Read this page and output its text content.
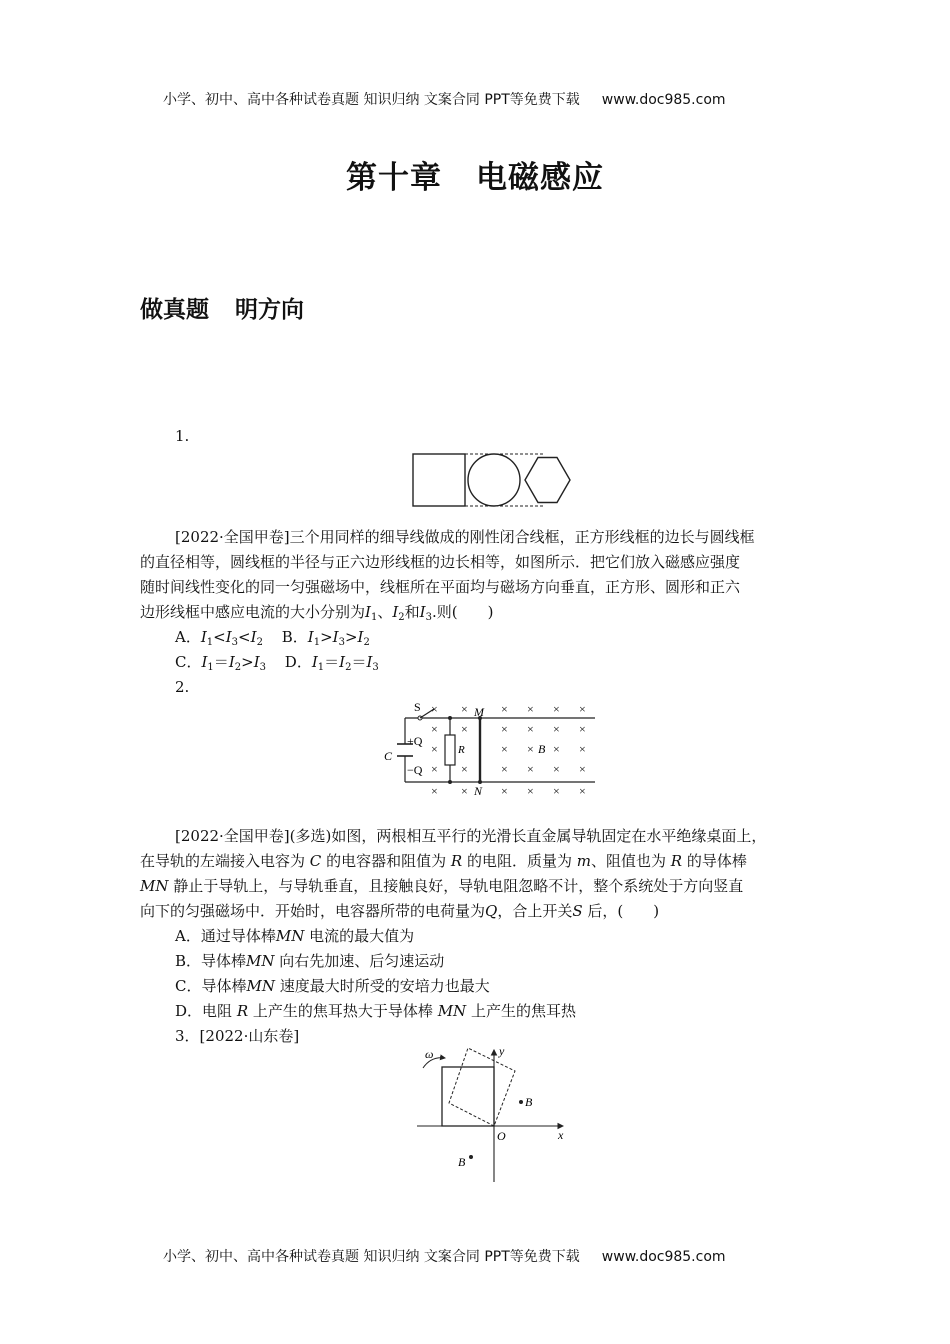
小学、初中、高中各种试卷真题 知识归纳 文案合同 PPT等免费下载 www.doc985.com
第十章 电磁感应
做真题 明方向
1.
[2022·全国甲卷]三个用同样的细导线做成的刚性闭合线框，正方形线框的边长与圆线框
的直径相等，圆线框的半径与正六边形线框的边长相等，如图所示．把它们放入磁感应强度
随时间线性变化的同一匀强磁场中，线框所在平面均与磁场方向垂直，正方形、圆形和正六
边形线框中感应电流的大小分别为$I_1$、$I_2$和$I_3$.则(　　)
A．$I_1<I_3<I_2$ B．$I_1>I_3>I_2$
C．$I_1=I_2>I_3$ D．$I_1=I_2=I_3$
2.
S
+Q
−Q
C	R
M
N
B
× ×	× × × ×
× ×	× × × ×
×	× × × ×
× ×	× × × ×
× ×	× × × ×
[2022·全国甲卷](多选)如图，两根相互平行的光滑长直金属导轨固定在水平绝缘桌面上，
在导轨的左端接入电容为 C 的电容器和阻值为 R 的电阻．质量为 m、阻值也为 R 的导体棒
MN 静止于导轨上，与导轨垂直，且接触良好，导轨电阻忽略不计，整个系统处于方向竖直
向下的匀强磁场中．开始时，电容器所带的电荷量为Q，合上开关S 后，(　　)
A．通过导体棒MN 电流的最大值为
B．导体棒MN 向右先加速、后匀速运动
C．导体棒MN 速度最大时所受的安培力也最大
D．电阻 R 上产生的焦耳热大于导体棒 MN 上产生的焦耳热
3．[2022·山东卷]
ω	y
x
O
B
B
小学、初中、高中各种试卷真题 知识归纳 文案合同 PPT等免费下载 www.doc985.com
